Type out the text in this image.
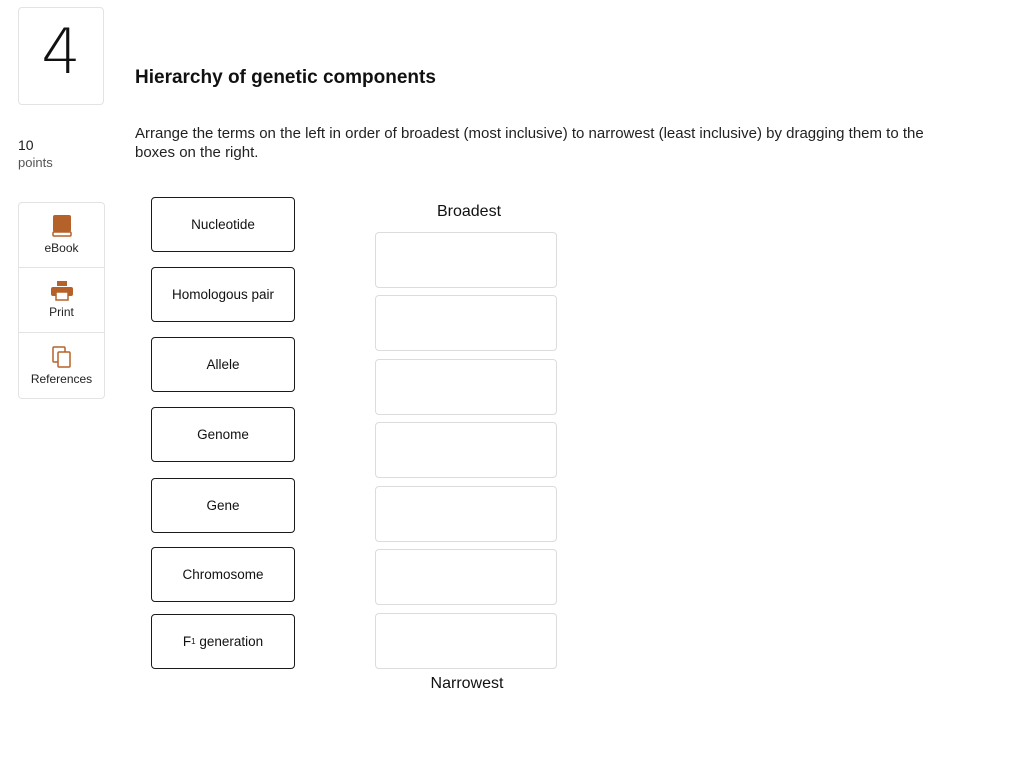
4
10
points
eBook
Print
References
Hierarchy of genetic components
Arrange the terms on the left in order of broadest (most inclusive) to narrowest (least inclusive) by dragging them to the boxes on the right.
Nucleotide
Homologous pair
Allele
Genome
Gene
Chromosome
F 1 generation
Broadest
Narrowest
